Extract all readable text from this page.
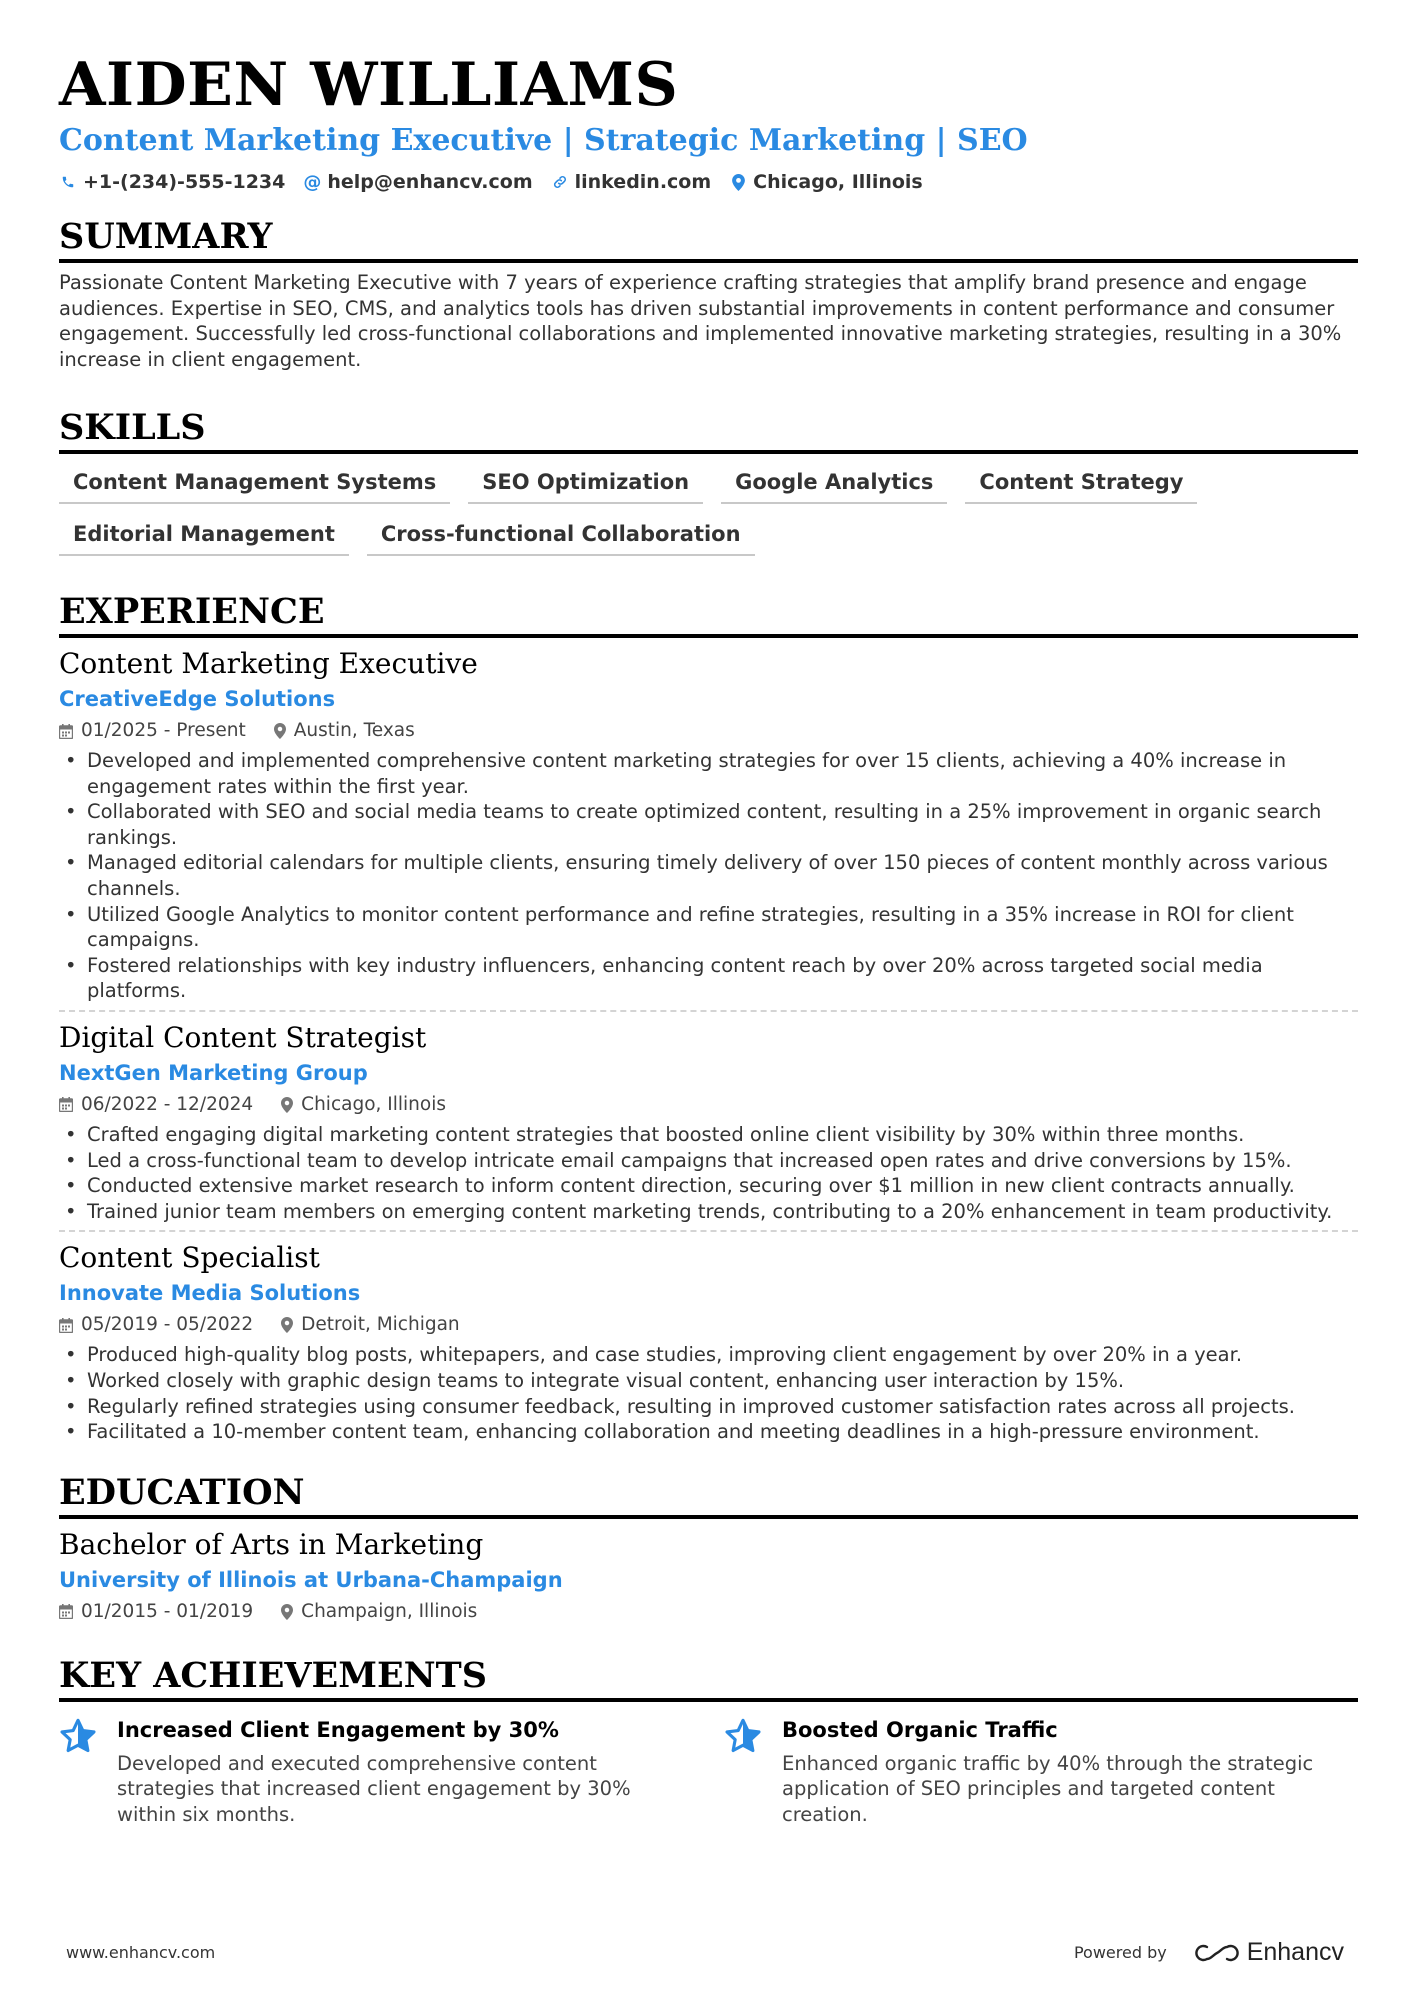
AIDEN WILLIAMS
Content Marketing Executive | Strategic Marketing | SEO
+1-(234)-555-1234 @ help@enhancv.com linkedin.com Chicago, Illinois
SUMMARY
Passionate Content Marketing Executive with 7 years of experience crafting strategies that amplify brand presence and engage audiences. Expertise in SEO, CMS, and analytics tools has driven substantial improvements in content performance and consumer engagement. Successfully led cross-functional collaborations and implemented innovative marketing strategies, resulting in a 30% increase in client engagement.
SKILLS
Content Management Systems	SEO Optimization	Google Analytics	Content Strategy
Editorial Management	Cross-functional Collaboration
EXPERIENCE
Content Marketing Executive
CreativeEdge Solutions
01/2025 - Present	Austin, Texas
• Developed and implemented comprehensive content marketing strategies for over 15 clients, achieving a 40% increase in engagement rates within the first year.
• Collaborated with SEO and social media teams to create optimized content, resulting in a 25% improvement in organic search rankings.
• Managed editorial calendars for multiple clients, ensuring timely delivery of over 150 pieces of content monthly across various channels.
• Utilized Google Analytics to monitor content performance and refine strategies, resulting in a 35% increase in ROI for client campaigns.
• Fostered relationships with key industry influencers, enhancing content reach by over 20% across targeted social media platforms.
Digital Content Strategist
NextGen Marketing Group
06/2022 - 12/2024	Chicago, Illinois
• Crafted engaging digital marketing content strategies that boosted online client visibility by 30% within three months.
• Led a cross-functional team to develop intricate email campaigns that increased open rates and drive conversions by 15%.
• Conducted extensive market research to inform content direction, securing over $1 million in new client contracts annually.
• Trained junior team members on emerging content marketing trends, contributing to a 20% enhancement in team productivity.
Content Specialist
Innovate Media Solutions
05/2019 - 05/2022	Detroit, Michigan
• Produced high-quality blog posts, whitepapers, and case studies, improving client engagement by over 20% in a year.
• Worked closely with graphic design teams to integrate visual content, enhancing user interaction by 15%.
• Regularly refined strategies using consumer feedback, resulting in improved customer satisfaction rates across all projects.
• Facilitated a 10-member content team, enhancing collaboration and meeting deadlines in a high-pressure environment.
EDUCATION
Bachelor of Arts in Marketing
University of Illinois at Urbana-Champaign
01/2015 - 01/2019	Champaign, Illinois
KEY ACHIEVEMENTS
Increased Client Engagement by 30%
Developed and executed comprehensive content strategies that increased client engagement by 30% within six months.
Boosted Organic Traffic
Enhanced organic traffic by 40% through the strategic application of SEO principles and targeted content creation.
www.enhancv.com	Powered by	Enhancv
